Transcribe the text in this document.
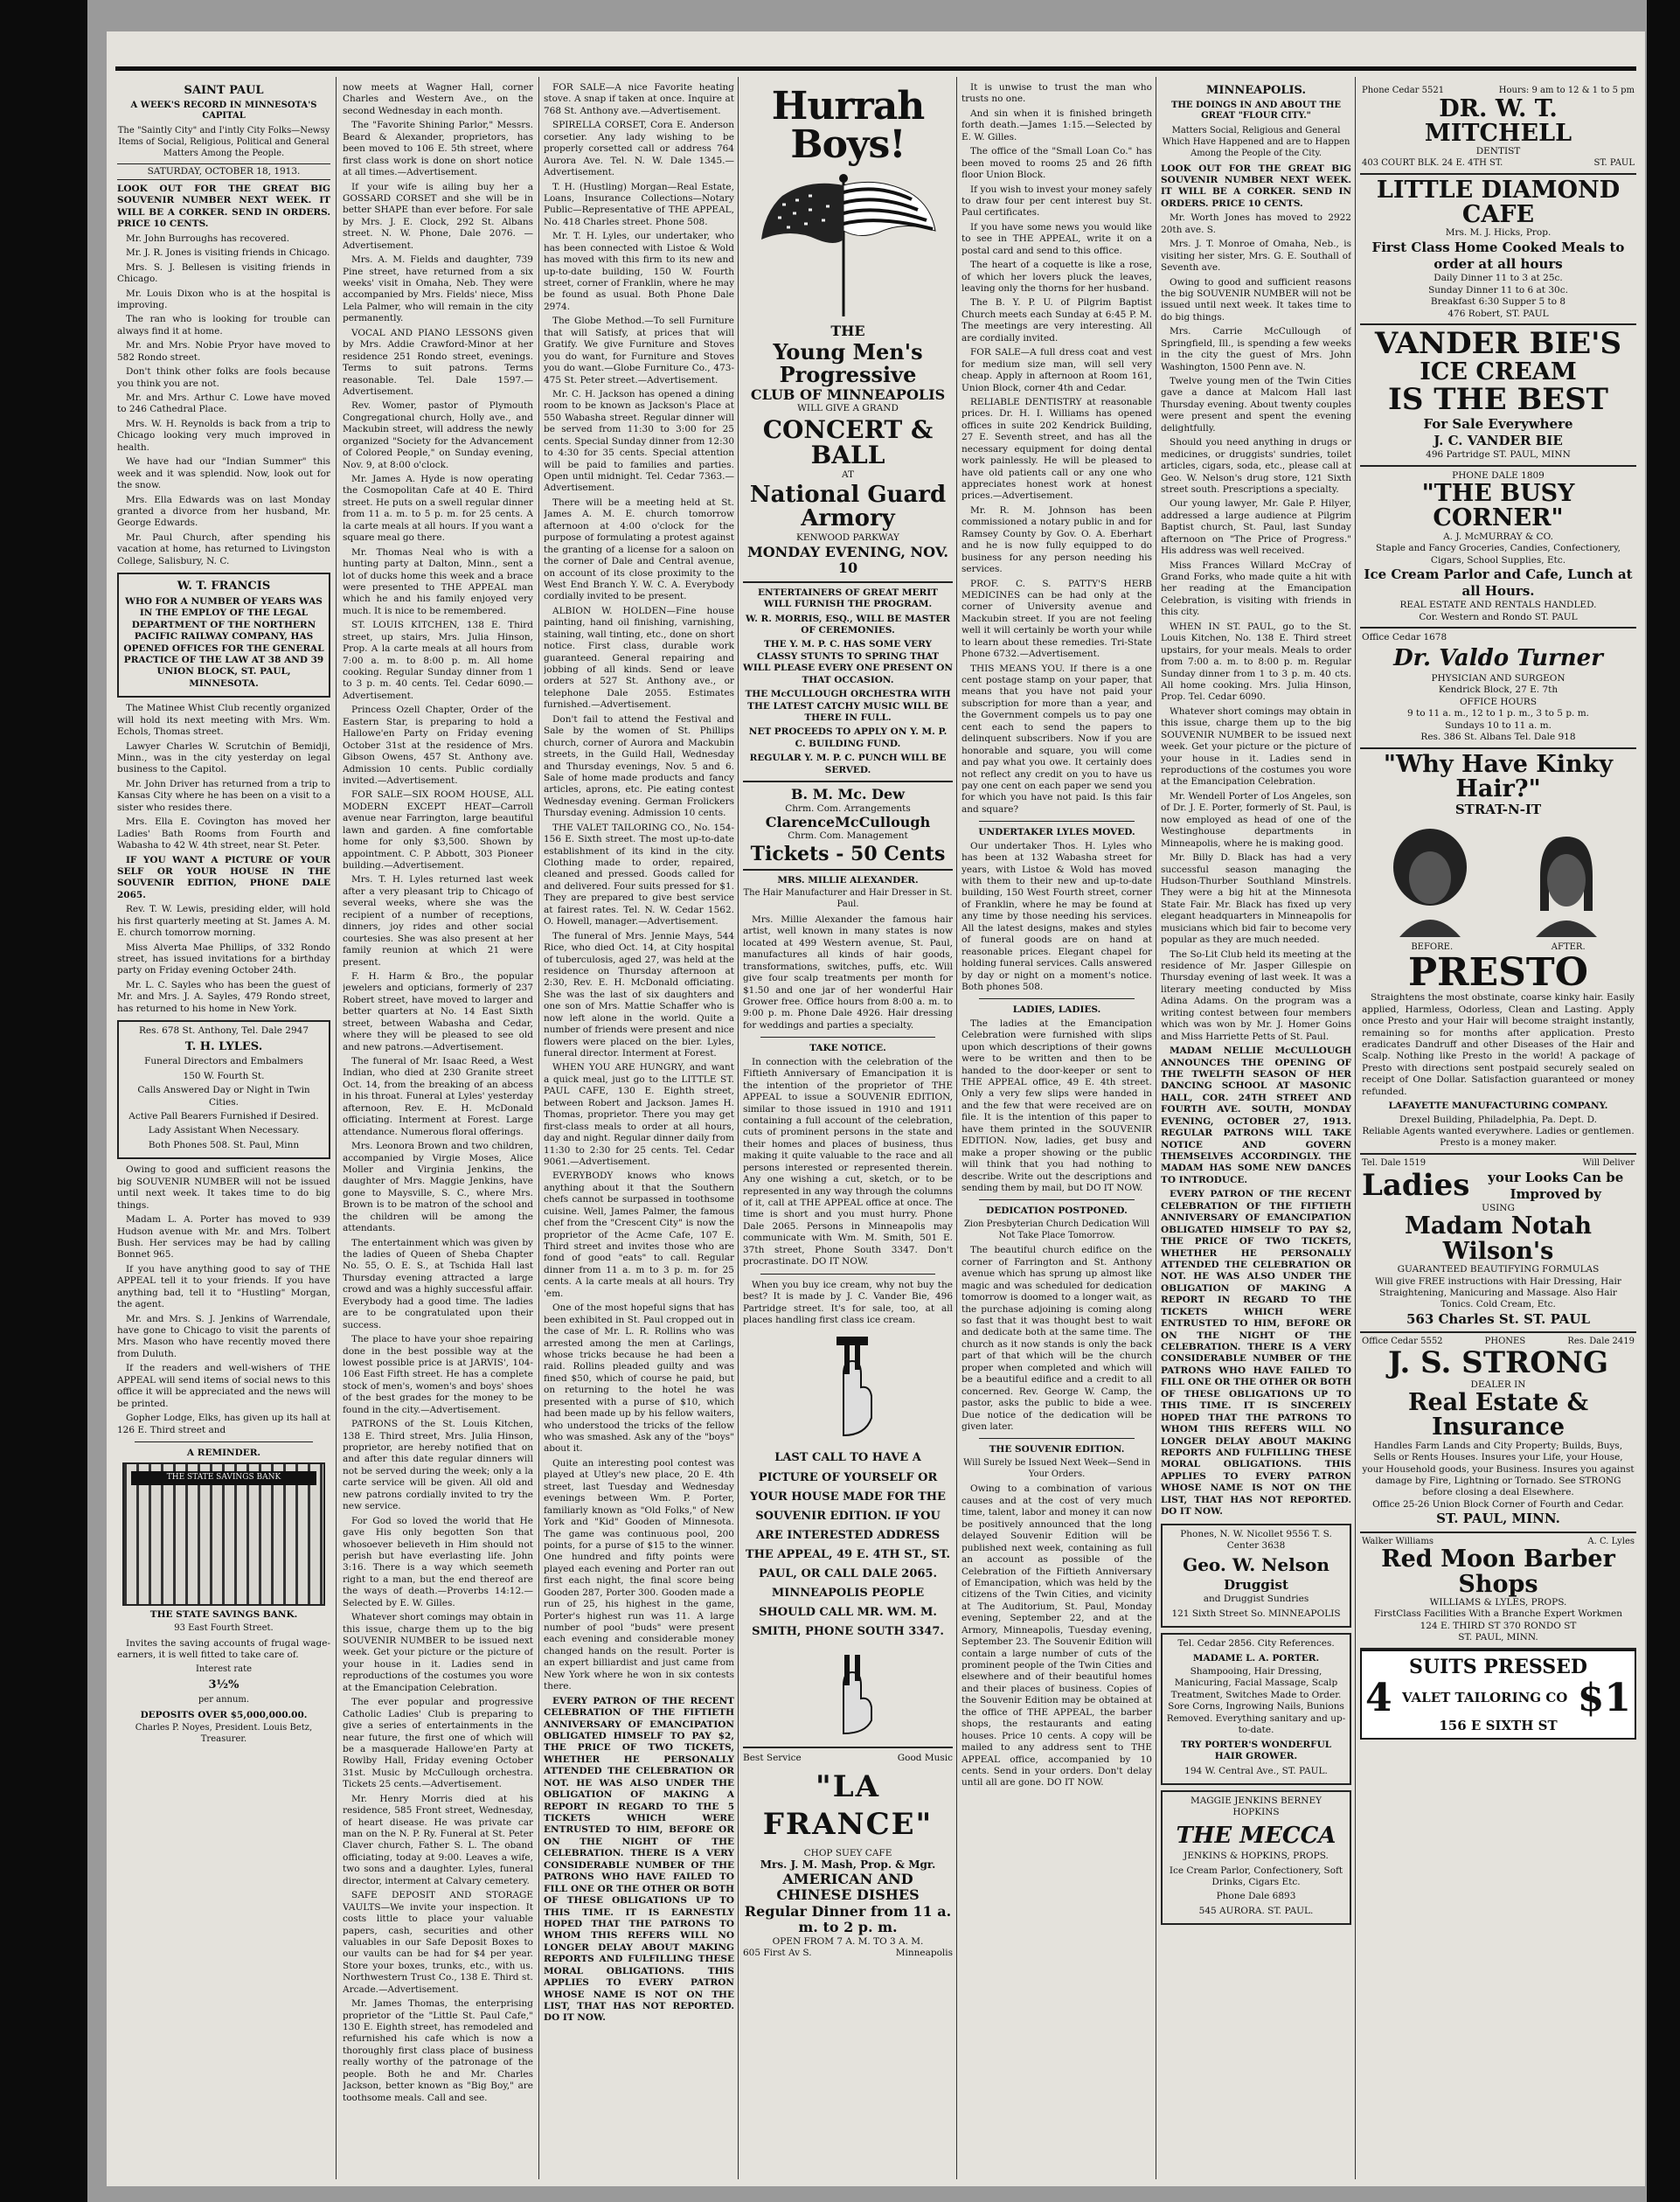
SAINT PAUL
A WEEK'S RECORD IN MINNESOTA'S CAPITAL
The "Saintly City" and I'intly City Folks—Newsy Items of Social, Religious, Political and General Matters Among the People.
SATURDAY, OCTOBER 18, 1913.

LOOK OUT FOR THE GREAT BIG SOUVENIR NUMBER NEXT WEEK. IT WILL BE A CORKER. SEND IN ORDERS. PRICE 10 CENTS.

Mr. John Burroughs has recovered.

Mr. J. R. Jones is visiting friends in Chicago.

Mrs. S. J. Bellesen is visiting friends in Chicago.

Mr. Louis Dixon who is at the hospital is improving.

The ran who is looking for trouble can always find it at home.

Mr. and Mrs. Nobie Pryor have moved to 582 Rondo street.

Don't think other folks are fools because you think you are not.

Mr. and Mrs. Arthur C. Lowe have moved to 246 Cathedral Place.

Mrs. W. H. Reynolds is back from a trip to Chicago looking very much improved in health.

We have had our "Indian Summer" this week and it was splendid. Now, look out for the snow.

Mrs. Ella Edwards was on last Monday granted a divorce from her husband, Mr. George Edwards.

Mr. Paul Church, after spending his vacation at home, has returned to Livingston College, Salisbury, N. C.

W. T. FRANCIS

WHO FOR A NUMBER OF YEARS WAS IN THE EMPLOY OF THE LEGAL DEPARTMENT OF THE NORTHERN PACIFIC RAILWAY COMPANY, HAS OPENED OFFICES FOR THE GENERAL PRACTICE OF THE LAW AT 38 AND 39 UNION BLOCK, ST. PAUL, MINNESOTA.

The Matinee Whist Club recently organized will hold its next meeting with Mrs. Wm. Echols, Thomas street.

Lawyer Charles W. Scrutchin of Bemidji, Minn., was in the city yesterday on legal business to the Capitol.

Mr. John Driver has returned from a trip to Kansas City where he has been on a visit to a sister who resides there.

Mrs. Ella E. Covington has moved her Ladies' Bath Rooms from Fourth and Wabasha to 42 W. 4th street, near St. Peter.

IF YOU WANT A PICTURE OF YOUR SELF OR YOUR HOUSE IN THE SOUVENIR EDITION, PHONE DALE 2065.

Rev. T. W. Lewis, presiding elder, will hold his first quarterly meeting at St. James A. M. E. church tomorrow morning.

Miss Alverta Mae Phillips, of 332 Rondo street, has issued invitations for a birthday party on Friday evening October 24th.

Mr. L. C. Sayles who has been the guest of Mr. and Mrs. J. A. Sayles, 479 Rondo street, has returned to his home in New York.

Res. 678 St. Anthony, Tel. Dale 2947

T. H. LYLES.

Funeral Directors and Embalmers

150 W. Fourth St.

Calls Answered Day or Night in Twin Cities.

Active Pall Bearers Furnished if Desired.

Lady Assistant When Necessary.

Both Phones 508. St. Paul, Minn

Owing to good and sufficient reasons the big SOUVENIR NUMBER will not be issued until next week. It takes time to do big things.

Madam L. A. Porter has moved to 939 Hudson avenue with Mr. and Mrs. Tolbert Bush. Her services may be had by calling Bonnet 965.

If you have anything good to say of THE APPEAL tell it to your friends. If you have anything bad, tell it to "Hustling" Morgan, the agent.

Mr. and Mrs. S. J. Jenkins of Warrendale, have gone to Chicago to visit the parents of Mrs. Mason who have recently moved there from Duluth.

If the readers and well-wishers of THE APPEAL will send items of social news to this office it will be appreciated and the news will be printed.

Gopher Lodge, Elks, has given up its hall at 126 E. Third street and

A REMINDER.
THE STATE SAVINGS BANK
THE STATE SAVINGS BANK.
93 East Fourth Street.

Invites the saving accounts of frugal wage-earners, it is well fitted to take care of.

Interest rate
3½%
per annum.
DEPOSITS OVER $5,000,000.00.
Charles P. Noyes, President. Louis Betz, Treasurer.

now meets at Wagner Hall, corner Charles and Western Ave., on the second Wednesday in each month.

The "Favorite Shining Parlor," Messrs. Beard & Alexander, proprietors, has been moved to 106 E. 5th street, where first class work is done on short notice at all times.—Advertisement.

If your wife is ailing buy her a GOSSARD CORSET and she will be in better SHAPE than ever before. For sale by Mrs. J. E. Clock, 292 St. Albans street. N. W. Phone, Dale 2076. —Advertisement.

Mrs. A. M. Fields and daughter, 739 Pine street, have returned from a six weeks' visit in Omaha, Neb. They were accompanied by Mrs. Fields' niece, Miss Lela Palmer, who will remain in the city permanently.

VOCAL AND PIANO LESSONS given by Mrs. Addie Crawford-Minor at her residence 251 Rondo street, evenings. Terms to suit patrons. Terms reasonable. Tel. Dale 1597.—Advertisement.

Rev. Womer, pastor of Plymouth Congregational church, Holly ave., and Mackubin street, will address the newly organized "Society for the Advancement of Colored People," on Sunday evening, Nov. 9, at 8:00 o'clock.

Mr. James A. Hyde is now operating the Cosmopolitan Cafe at 40 E. Third street. He puts on a swell regular dinner from 11 a. m. to 5 p. m. for 25 cents. A la carte meals at all hours. If you want a square meal go there.

Mr. Thomas Neal who is with a hunting party at Dalton, Minn., sent a lot of ducks home this week and a brace were presented to THE APPEAL man which he and his family enjoyed very much. It is nice to be remembered.

ST. LOUIS KITCHEN, 138 E. Third street, up stairs, Mrs. Julia Hinson, Prop. A la carte meals at all hours from 7:00 a. m. to 8:00 p. m. All home cooking. Regular Sunday dinner from 1 to 3 p. m. 40 cents. Tel. Cedar 6090.—Advertisement.

Princess Ozell Chapter, Order of the Eastern Star, is preparing to hold a Hallowe'en Party on Friday evening October 31st at the residence of Mrs. Gibson Owens, 457 St. Anthony ave. Admission 10 cents. Public cordially invited.—Advertisement.

FOR SALE—SIX ROOM HOUSE, ALL MODERN EXCEPT HEAT—Carroll avenue near Farrington, large beautiful lawn and garden. A fine comfortable home for only $3,500. Shown by appointment. C. P. Abbott, 303 Pioneer building.—Advertisement.

Mrs. T. H. Lyles returned last week after a very pleasant trip to Chicago of several weeks, where she was the recipient of a number of receptions, dinners, joy rides and other social courtesies. She was also present at her family reunion at which 21 were present.

F. H. Harm & Bro., the popular jewelers and opticians, formerly of 237 Robert street, have moved to larger and better quarters at No. 14 East Sixth street, between Wabasha and Cedar, where they will be pleased to see old and new patrons.—Advertisement.

The funeral of Mr. Isaac Reed, a West Indian, who died at 230 Granite street Oct. 14, from the breaking of an abcess in his throat. Funeral at Lyles' yesterday afternoon, Rev. E. H. McDonald officiating. Interment at Forest. Large attendance. Numerous floral offerings.

Mrs. Leonora Brown and two children, accompanied by Virgie Moses, Alice Moller and Virginia Jenkins, the daughter of Mrs. Maggie Jenkins, have gone to Maysville, S. C., where Mrs. Brown is to be matron of the school and the children will be among the attendants.

The entertainment which was given by the ladies of Queen of Sheba Chapter No. 55, O. E. S., at Tschida Hall last Thursday evening attracted a large crowd and was a highly successful affair. Everybody had a good time. The ladies are to be congratulated upon their success.

The place to have your shoe repairing done in the best possible way at the lowest possible price is at JARVIS', 104-106 East Fifth street. He has a complete stock of men's, women's and boys' shoes of the best grades for the money to be found in the city.—Advertisement.

PATRONS of the St. Louis Kitchen, 138 E. Third street, Mrs. Julia Hinson, proprietor, are hereby notified that on and after this date regular dinners will not be served during the week; only a la carte service will be given. All old and new patrons cordially invited to try the new service.

For God so loved the world that He gave His only begotten Son that whosoever believeth in Him should not perish but have everlasting life. John 3:16. There is a way which seemeth right to a man, but the end thereof are the ways of death.—Proverbs 14:12.—Selected by E. W. Gilles.

Whatever short comings may obtain in this issue, charge them up to the big SOUVENIR NUMBER to be issued next week. Get your picture or the picture of your house in it. Ladies send in reproductions of the costumes you wore at the Emancipation Celebration.

The ever popular and progressive Catholic Ladies' Club is preparing to give a series of entertainments in the near future, the first one of which will be a masquerade Hallowe'en Party at Rowlby Hall, Friday evening October 31st. Music by McCullough orchestra. Tickets 25 cents.—Advertisement.

Mr. Henry Morris died at his residence, 585 Front street, Wednesday, of heart disease. He was private car man on the N. P. Ry. Funeral at St. Peter Claver church, Father S. L. The oband officiating, today at 9:00. Leaves a wife, two sons and a daughter. Lyles, funeral director, interment at Calvary cemetery.

SAFE DEPOSIT AND STORAGE VAULTS—We invite your inspection. It costs little to place your valuable papers, cash, securities and other valuables in our Safe Deposit Boxes to our vaults can be had for $4 per year. Store your boxes, trunks, etc., with us. Northwestern Trust Co., 138 E. Third st. Arcade.—Advertisement.

Mr. James Thomas, the enterprising proprietor of the "Little St. Paul Cafe," 130 E. Eighth street, has remodeled and refurnished his cafe which is now a thoroughly first class place of business really worthy of the patronage of the people. Both he and Mr. Charles Jackson, better known as "Big Boy," are toothsome meals. Call and see.

FOR SALE—A nice Favorite heating stove. A snap if taken at once. Inquire at 768 St. Anthony ave.—Advertisement.

SPIRELLA CORSET, Cora E. Anderson corsetier. Any lady wishing to be properly corsetted call or address 764 Aurora Ave. Tel. N. W. Dale 1345.—Advertisement.

T. H. (Hustling) Morgan—Real Estate, Loans, Insurance Collections—Notary Public—Representative of THE APPEAL, No. 418 Charles street. Phone 508.

Mr. T. H. Lyles, our undertaker, who has been connected with Listoe & Wold has moved with this firm to its new and up-to-date building, 150 W. Fourth street, corner of Franklin, where he may be found as usual. Both Phone Dale 2974.

The Globe Method.—To sell Furniture that will Satisfy, at prices that will Gratify. We give Furniture and Stoves you do want, for Furniture and Stoves you do want.—Globe Furniture Co., 473-475 St. Peter street.—Advertisement.

Mr. C. H. Jackson has opened a dining room to be known as Jackson's Place at 550 Wabasha street. Regular dinner will be served from 11:30 to 3:00 for 25 cents. Special Sunday dinner from 12:30 to 4:30 for 35 cents. Special attention will be paid to families and parties. Open until midnight. Tel. Cedar 7363.—Advertisement.

There will be a meeting held at St. James A. M. E. church tomorrow afternoon at 4:00 o'clock for the purpose of formulating a protest against the granting of a license for a saloon on the corner of Dale and Central avenue, on account of its close proximity to the West End Branch Y. W. C. A. Everybody cordially invited to be present.

ALBION W. HOLDEN—Fine house painting, hand oil finishing, varnishing, staining, wall tinting, etc., done on short notice. First class, durable work guaranteed. General repairing and jobbing of all kinds. Send or leave orders at 527 St. Anthony ave., or telephone Dale 2055. Estimates furnished.—Advertisement.

Don't fail to attend the Festival and Sale by the women of St. Phillips church, corner of Aurora and Mackubin streets, in the Guild Hall, Wednesday and Thursday evenings, Nov. 5 and 6. Sale of home made products and fancy articles, aprons, etc. Pie eating contest Wednesday evening. German Frolickers Thursday evening. Admission 10 cents.

THE VALET TAILORING CO., No. 154-156 E. Sixth street. The most up-to-date establishment of its kind in the city. Clothing made to order, repaired, cleaned and pressed. Goods called for and delivered. Four suits pressed for $1. They are prepared to give best service at fairest rates. Tel. N. W. Cedar 1562. O. Howell, manager.—Advertisement.

The funeral of Mrs. Jennie Mays, 544 Rice, who died Oct. 14, at City hospital of tuberculosis, aged 27, was held at the residence on Thursday afternoon at 2:30, Rev. E. H. McDonald officiating. She was the last of six daughters and one son of Mrs. Mattie Schaffer who is now left alone in the world. Quite a number of friends were present and nice flowers were placed on the bier. Lyles, funeral director. Interment at Forest.

WHEN YOU ARE HUNGRY, and want a quick meal, just go to the LITTLE ST. PAUL CAFE, 130 E. Eighth street, between Robert and Jackson. James H. Thomas, proprietor. There you may get first-class meals to order at all hours, day and night. Regular dinner daily from 11:30 to 2:30 for 25 cents. Tel. Cedar 9061.—Advertisement.

EVERYBODY knows who knows anything about it that the Southern chefs cannot be surpassed in toothsome cuisine. Well, James Palmer, the famous chef from the "Crescent City" is now the proprietor of the Acme Cafe, 107 E. Third street and invites those who are fond of good "eats" to call. Regular dinner from 11 a. m to 3 p. m. for 25 cents. A la carte meals at all hours. Try 'em.

One of the most hopeful signs that has been exhibited in St. Paul cropped out in the case of Mr. L. R. Rollins who was arrested among the men at Carlings, whose tricks because he had been a raid. Rollins pleaded guilty and was fined $50, which of course he paid, but on returning to the hotel he was presented with a purse of $10, which had been made up by his fellow waiters, who understood the tricks of the fellow who was smashed. Ask any of the "boys" about it.

Quite an interesting pool contest was played at Utley's new place, 20 E. 4th street, last Tuesday and Wednesday evenings between Wm. P. Porter, familiarly known as "Old Folks," of New York and "Kid" Gooden of Minnesota. The game was continuous pool, 200 points, for a purse of $15 to the winner. One hundred and fifty points were played each evening and Porter ran out first each night, the final score being Gooden 287, Porter 300. Gooden made a run of 25, his highest in the game, Porter's highest run was 11. A large number of pool "buds" were present each evening and considerable money changed hands on the result. Porter is an expert billiardist and just came from New York where he won in six contests there.

EVERY PATRON OF THE RECENT CELEBRATION OF THE FIFTIETH ANNIVERSARY OF EMANCIPATION OBLIGATED HIMSELF TO PAY $2, THE PRICE OF TWO TICKETS, WHETHER HE PERSONALLY ATTENDED THE CELEBRATION OR NOT. HE WAS ALSO UNDER THE OBLIGATION OF MAKING A REPORT IN REGARD TO THE 5 TICKETS WHICH WERE ENTRUSTED TO HIM, BEFORE OR ON THE NIGHT OF THE CELEBRATION. THERE IS A VERY CONSIDERABLE NUMBER OF THE PATRONS WHO HAVE FAILED TO FILL ONE OR THE OTHER OR BOTH OF THESE OBLIGATIONS UP TO THIS TIME. IT IS EARNESTLY HOPED THAT THE PATRONS TO WHOM THIS REFERS WILL NO LONGER DELAY ABOUT MAKING REPORTS AND FULFILLING THESE MORAL OBLIGATIONS. THIS APPLIES TO EVERY PATRON WHOSE NAME IS NOT ON THE LIST, THAT HAS NOT REPORTED. DO IT NOW.

Hurrah Boys!
THE
Young Men's Progressive
CLUB OF MINNEAPOLIS
WILL GIVE A GRAND
CONCERT & BALL
AT
National Guard Armory
KENWOOD PARKWAY
MONDAY EVENING, NOV. 10

ENTERTAINERS OF GREAT MERIT WILL FURNISH THE PROGRAM.

W. R. MORRIS, ESQ., WILL BE MASTER OF CEREMONIES.

THE Y. M. P. C. HAS SOME VERY CLASSY STUNTS TO SPRING THAT WILL PLEASE EVERY ONE PRESENT ON THAT OCCASION.

THE McCULLOUGH ORCHESTRA WITH THE LATEST CATCHY MUSIC WILL BE THERE IN FULL.

NET PROCEEDS TO APPLY ON Y. M. P. C. BUILDING FUND.

REGULAR Y. M. P. C. PUNCH WILL BE SERVED.

B. M. Mc. Dew
Chrm. Com. Arrangements
ClarenceMcCullough
Chrm. Com. Management
Tickets - 50 Cents
MRS. MILLIE ALEXANDER.
The Hair Manufacturer and Hair Dresser in St. Paul.

Mrs. Millie Alexander the famous hair artist, well known in many states is now located at 499 Western avenue, St. Paul, manufactures all kinds of hair goods, transformations, switches, puffs, etc. Will give four scalp treatments per month for $1.50 and one jar of her wonderful Hair Grower free. Office hours from 8:00 a. m. to 9:00 p. m. Phone Dale 4926. Hair dressing for weddings and parties a specialty.

TAKE NOTICE.

In connection with the celebration of the Fiftieth Anniversary of Emancipation it is the intention of the proprietor of THE APPEAL to issue a SOUVENIR EDITION, similar to those issued in 1910 and 1911 containing a full account of the celebration, cuts of prominent persons in the state and their homes and places of business, thus making it quite valuable to the race and all persons interested or represented therein. Any one wishing a cut, sketch, or to be represented in any way through the columns of it, call at THE APPEAL office at once. The time is short and you must hurry. Phone Dale 2065. Persons in Minneapolis may communicate with Wm. M. Smith, 501 E. 37th street, Phone South 3347. Don't procrastinate. DO IT NOW.

When you buy ice cream, why not buy the best? It is made by J. C. Vander Bie, 496 Partridge street. It's for sale, too, at all places handling first class ice cream.

LAST CALL TO HAVE A PICTURE OF YOURSELF OR YOUR HOUSE MADE FOR THE SOUVENIR EDITION. IF YOU ARE INTERESTED ADDRESS THE APPEAL, 49 E. 4TH ST., ST. PAUL, OR CALL DALE 2065. MINNEAPOLIS PEOPLE SHOULD CALL MR. WM. M. SMITH, PHONE SOUTH 3347.

Best Service	Good Music
"LA FRANCE"
CHOP SUEY CAFE
Mrs. J. M. Mash, Prop. & Mgr.
AMERICAN AND CHINESE DISHES
Regular Dinner from 11 a. m. to 2 p. m.
OPEN FROM 7 A. M. TO 3 A. M.
605 First Av S.	Minneapolis

It is unwise to trust the man who trusts no one.

And sin when it is finished bringeth forth death.—James 1:15.—Selected by E. W. Gilles.

The office of the "Small Loan Co." has been moved to rooms 25 and 26 fifth floor Union Block.

If you wish to invest your money safely to draw four per cent interest buy St. Paul certificates.

If you have some news you would like to see in THE APPEAL, write it on a postal card and send to this office.

The heart of a coquette is like a rose, of which her lovers pluck the leaves, leaving only the thorns for her husband.

The B. Y. P. U. of Pilgrim Baptist Church meets each Sunday at 6:45 P. M. The meetings are very interesting. All are cordially invited.

FOR SALE—A full dress coat and vest for medium size man, will sell very cheap. Apply in afternoon at Room 161, Union Block, corner 4th and Cedar.

RELIABLE DENTISTRY at reasonable prices. Dr. H. I. Williams has opened offices in suite 202 Kendrick Building, 27 E. Seventh street, and has all the necessary equipment for doing dental work painlessly. He will be pleased to have old patients call or any one who appreciates honest work at honest prices.—Advertisement.

Mr. R. M. Johnson has been commissioned a notary public in and for Ramsey County by Gov. O. A. Eberhart and he is now fully equipped to do business for any person needing his services.

PROF. C. S. PATTY'S HERB MEDICINES can be had only at the corner of University avenue and Mackubin street. If you are not feeling well it will certainly be worth your while to learn about these remedies. Tri-State Phone 6732.—Advertisement.

THIS MEANS YOU. If there is a one cent postage stamp on your paper, that means that you have not paid your subscription for more than a year, and the Government compels us to pay one cent each to send the papers to delinquent subscribers. Now if you are honorable and square, you will come and pay what you owe. It certainly does not reflect any credit on you to have us pay one cent on each paper we send you for which you have not paid. Is this fair and square?

UNDERTAKER LYLES MOVED.

Our undertaker Thos. H. Lyles who has been at 132 Wabasha street for years, with Listoe & Wold has moved with them to their new and up-to-date building, 150 West Fourth street, corner of Franklin, where he may be found at any time by those needing his services. All the latest designs, makes and styles of funeral goods are on hand at reasonable prices. Elegant chapel for holding funeral services. Calls answered by day or night on a moment's notice. Both phones 508.

LADIES, LADIES.

The ladies at the Emancipation Celebration were furnished with slips upon which descriptions of their gowns were to be written and then to be handed to the door-keeper or sent to THE APPEAL office, 49 E. 4th street. Only a very few slips were handed in and the few that were received are on file. It is the intention of this paper to have them printed in the SOUVENIR EDITION. Now, ladies, get busy and make a proper showing or the public will think that you had nothing to describe. Write out the descriptions and sending them by mail, but DO IT NOW.

DEDICATION POSTPONED.
Zion Presbyterian Church Dedication Will Not Take Place Tomorrow.

The beautiful church edifice on the corner of Farrington and St. Anthony avenue which has sprung up almost like magic and was scheduled for dedication tomorrow is doomed to a longer wait, as the purchase adjoining is coming along so fast that it was thought best to wait and dedicate both at the same time. The church as it now stands is only the back part of that which will be the church proper when completed and which will be a beautiful edifice and a credit to all concerned. Rev. George W. Camp, the pastor, asks the public to bide a wee. Due notice of the dedication will be given later.

THE SOUVENIR EDITION.
Will Surely be Issued Next Week—Send in Your Orders.

Owing to a combination of various causes and at the cost of very much time, talent, labor and money it can now be positively announced that the long delayed Souvenir Edition will be published next week, containing as full an account as possible of the Celebration of the Fiftieth Anniversary of Emancipation, which was held by the citizens of the Twin Cities, and vicinity at The Auditorium, St. Paul, Monday evening, September 22, and at the Armory, Minneapolis, Tuesday evening, September 23. The Souvenir Edition will contain a large number of cuts of the prominent people of the Twin Cities and elsewhere and of their beautiful homes and their places of business. Copies of the Souvenir Edition may be obtained at the office of THE APPEAL, the barber shops, the restaurants and eating houses. Price 10 cents. A copy will be mailed to any address sent to THE APPEAL office, accompanied by 10 cents. Send in your orders. Don't delay until all are gone. DO IT NOW.

MINNEAPOLIS.
THE DOINGS IN AND ABOUT THE GREAT "FLOUR CITY."
Matters Social, Religious and General Which Have Happened and are to Happen Among the People of the City.

LOOK OUT FOR THE GREAT BIG SOUVENIR NUMBER NEXT WEEK. IT WILL BE A CORKER. SEND IN ORDERS. PRICE 10 CENTS.

Mr. Worth Jones has moved to 2922 20th ave. S.

Mrs. J. T. Monroe of Omaha, Neb., is visiting her sister, Mrs. G. E. Southall of Seventh ave.

Owing to good and sufficient reasons the big SOUVENIR NUMBER will not be issued until next week. It takes time to do big things.

Mrs. Carrie McCullough of Springfield, Ill., is spending a few weeks in the city the guest of Mrs. John Washington, 1500 Penn ave. N.

Twelve young men of the Twin Cities gave a dance at Malcom Hall last Thursday evening. About twenty couples were present and spent the evening delightfully.

Should you need anything in drugs or medicines, or druggists' sundries, toilet articles, cigars, soda, etc., please call at Geo. W. Nelson's drug store, 121 Sixth street south. Prescriptions a specialty.

Our young lawyer, Mr. Gale P. Hilyer, addressed a large audience at Pilgrim Baptist church, St. Paul, last Sunday afternoon on "The Price of Progress." His address was well received.

Miss Frances Willard McCray of Grand Forks, who made quite a hit with her reading at the Emancipation Celebration, is visiting with friends in this city.

WHEN IN ST. PAUL, go to the St. Louis Kitchen, No. 138 E. Third street upstairs, for your meals. Meals to order from 7:00 a. m. to 8:00 p. m. Regular Sunday dinner from 1 to 3 p. m. 40 cts. All home cooking. Mrs. Julia Hinson, Prop. Tel. Cedar 6090.

Whatever short comings may obtain in this issue, charge them up to the big SOUVENIR NUMBER to be issued next week. Get your picture or the picture of your house in it. Ladies send in reproductions of the costumes you wore at the Emancipation Celebration.

Mr. Wendell Porter of Los Angeles, son of Dr. J. E. Porter, formerly of St. Paul, is now employed as head of one of the Westinghouse departments in Minneapolis, where he is making good.

Mr. Billy D. Black has had a very successful season managing the Hudson-Thurber Southland Minstrels. They were a big hit at the Minnesota State Fair. Mr. Black has fixed up very elegant headquarters in Minneapolis for musicians which bid fair to become very popular as they are much needed.

The So-Lit Club held its meeting at the residence of Mr. Jasper Gillespie on Thursday evening of last week. It was a literary meeting conducted by Miss Adina Adams. On the program was a writing contest between four members which was won by Mr. J. Homer Goins and Miss Harriette Petts of St. Paul.

MADAM NELLIE McCULLOUGH ANNOUNCES THE OPENING OF THE TWELFTH SEASON OF HER DANCING SCHOOL AT MASONIC HALL, COR. 24TH STREET AND FOURTH AVE. SOUTH, MONDAY EVENING, OCTOBER 27, 1913. REGULAR PATRONS WILL TAKE NOTICE AND GOVERN THEMSELVES ACCORDINGLY. THE MADAM HAS SOME NEW DANCES TO INTRODUCE.

EVERY PATRON OF THE RECENT CELEBRATION OF THE FIFTIETH ANNIVERSARY OF EMANCIPATION OBLIGATED HIMSELF TO PAY $2, THE PRICE OF TWO TICKETS, WHETHER HE PERSONALLY ATTENDED THE CELEBRATION OR NOT. HE WAS ALSO UNDER THE OBLIGATION OF MAKING A REPORT IN REGARD TO THE TICKETS WHICH WERE ENTRUSTED TO HIM, BEFORE OR ON THE NIGHT OF THE CELEBRATION. THERE IS A VERY CONSIDERABLE NUMBER OF THE PATRONS WHO HAVE FAILED TO FILL ONE OR THE OTHER OR BOTH OF THESE OBLIGATIONS UP TO THIS TIME. IT IS SINCERELY HOPED THAT THE PATRONS TO WHOM THIS REFERS WILL NO LONGER DELAY ABOUT MAKING REPORTS AND FULFILLING THESE MORAL OBLIGATIONS. THIS APPLIES TO EVERY PATRON WHOSE NAME IS NOT ON THE LIST, THAT HAS NOT REPORTED. DO IT NOW.

Phones, N. W. Nicollet 9556 T. S. Center 3638

Geo. W. Nelson
Druggist

and Druggist Sundries

121 Sixth Street So. MINNEAPOLIS

Tel. Cedar 2856. City References.

MADAME L. A. PORTER.

Shampooing, Hair Dressing, Manicuring, Facial Massage, Scalp Treatment, Switches Made to Order. Sore Corns, Ingrowing Nails, Bunions Removed. Everything sanitary and up-to-date.

TRY PORTER'S WONDERFUL HAIR GROWER.

194 W. Central Ave., ST. PAUL.

MAGGIE JENKINS BERNEY HOPKINS

THE MECCA

JENKINS & HOPKINS, PROPS.

Ice Cream Parlor, Confectionery, Soft Drinks, Cigars Etc.

Phone Dale 6893

545 AURORA. ST. PAUL.

Phone Cedar 5521	Hours: 9 am to 12 & 1 to 5 pm
DR. W. T. MITCHELL
DENTIST
403 COURT BLK. 24 E. 4TH ST.	ST. PAUL
LITTLE DIAMOND CAFE
Mrs. M. J. Hicks, Prop.
First Class Home Cooked Meals to order at all hours
Daily Dinner 11 to 3 at 25c.
Sunday Dinner 11 to 6 at 30c.
Breakfast 6:30 Supper 5 to 8
476 Robert, ST. PAUL
VANDER BIE'S
ICE CREAM
IS THE BEST
For Sale Everywhere
J. C. VANDER BIE
496 Partridge ST. PAUL, MINN
PHONE DALE 1809
"THE BUSY CORNER"
A. J. McMURRAY & CO.
Staple and Fancy Groceries, Candies, Confectionery, Cigars, School Supplies, Etc.
Ice Cream Parlor and Cafe, Lunch at all Hours.
REAL ESTATE AND RENTALS HANDLED.
Cor. Western and Rondo ST. PAUL
Office Cedar 1678
Dr. Valdo Turner
PHYSICIAN AND SURGEON
Kendrick Block, 27 E. 7th
OFFICE HOURS
9 to 11 a. m., 12 to 1 p. m., 3 to 5 p. m.
Sundays 10 to 11 a. m.
Res. 386 St. Albans Tel. Dale 918
"Why Have Kinky Hair?"
STRAT-N-IT
BEFORE.	AFTER.
PRESTO

Straightens the most obstinate, coarse kinky hair. Easily applied, Harmless, Odorless, Clean and Lasting. Apply once Presto and your Hair will become straight instantly, remaining so for months after application. Presto eradicates Dandruff and other Diseases of the Hair and Scalp. Nothing like Presto in the world! A package of Presto with directions sent postpaid securely sealed on receipt of One Dollar. Satisfaction guaranteed or money refunded.

LAFAYETTE MANUFACTURING COMPANY.
Drexel Building, Philadelphia, Pa. Dept. D.
Reliable Agents wanted everywhere. Ladies or gentlemen. Presto is a money maker.
Tel. Dale 1519	Will Deliver
Ladies	your Looks Can be Improved by
USING
Madam Notah Wilson's
GUARANTEED BEAUTIFYING FORMULAS
Will give FREE instructions with Hair Dressing, Hair Straightening, Manicuring and Massage. Also Hair Tonics. Cold Cream, Etc.
563 Charles St. ST. PAUL
Office Cedar 5552	PHONES	Res. Dale 2419
J. S. STRONG
DEALER IN
Real Estate & Insurance
Handles Farm Lands and City Property; Builds, Buys, Sells or Rents Houses. Insures your Life, your House, your Household goods, your Business. Insures you against damage by Fire, Lightning or Tornado. See STRONG before closing a deal Elsewhere.
Office 25-26 Union Block Corner of Fourth and Cedar.
ST. PAUL, MINN.
Walker Williams	A. C. Lyles
Red Moon Barber Shops
WILLIAMS & LYLES, PROPS.
FirstClass Facilities With a Branche Expert Workmen
124 E. THIRD ST 370 RONDO ST
ST. PAUL, MINN.
SUITS PRESSED
4 VALET TAILORING CO $1
156 E SIXTH ST
